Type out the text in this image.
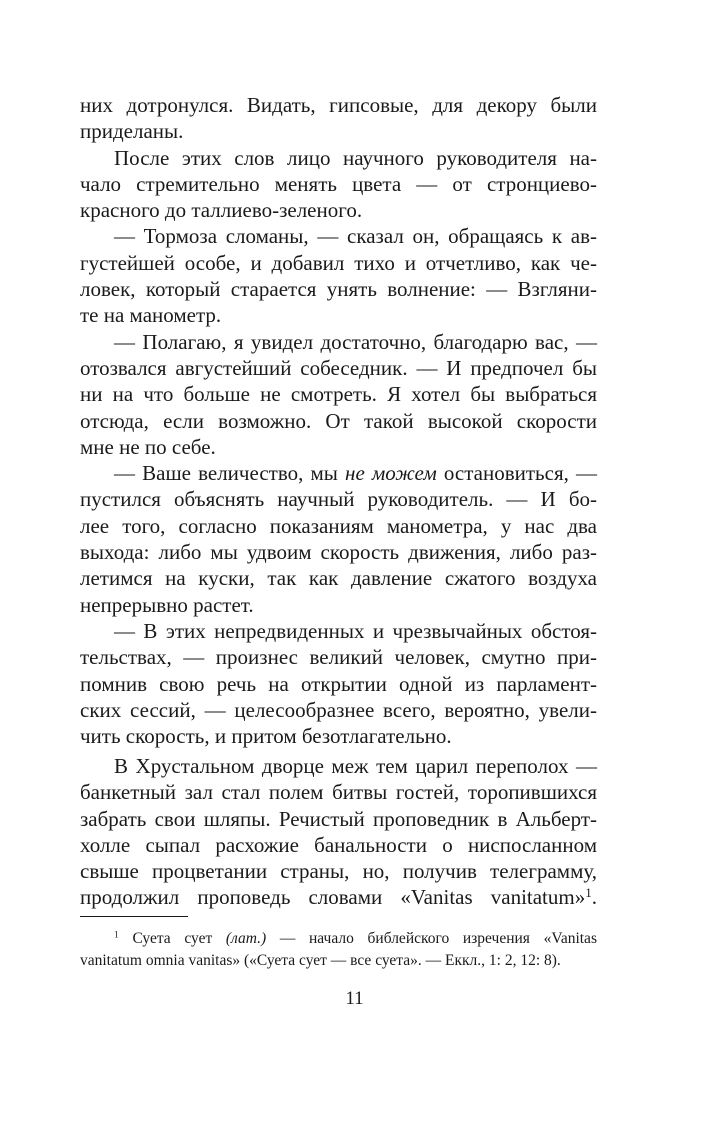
них дотронулся. Видать, гипсовые, для декору были
приделаны.
После этих слов лицо научного руководителя на-
чало стремительно менять цвета — от стронциево-
красного до таллиево-зеленого.
— Тормоза сломаны, — сказал он, обращаясь к ав-
густейшей особе, и добавил тихо и отчетливо, как че-
ловек, который старается унять волнение: — Взгляни-
те на манометр.
— Полагаю, я увидел достаточно, благодарю вас, —
отозвался августейший собеседник. — И предпочел бы
ни на что больше не смотреть. Я хотел бы выбраться
отсюда, если возможно. От такой высокой скорости
мне не по себе.
— Ваше величество, мы не можем остановиться, —
пустился объяснять научный руководитель. — И бо-
лее того, согласно показаниям манометра, у нас два
выхода: либо мы удвоим скорость движения, либо раз-
летимся на куски, так как давление сжатого воздуха
непрерывно растет.
— В этих непредвиденных и чрезвычайных обстоя-
тельствах, — произнес великий человек, смутно при-
помнив свою речь на открытии одной из парламент-
ских сессий, — целесообразнее всего, вероятно, увели-
чить скорость, и притом безотлагательно.
В Хрустальном дворце меж тем царил переполох —
банкетный зал стал полем битвы гостей, торопившихся
забрать свои шляпы. Речистый проповедник в Альберт-
холле сыпал расхожие банальности о ниспосланном
свыше процветании страны, но, получив телеграмму,
продолжил проповедь словами «Vanitas vanitatum»$^1$.
$^1$ Суета сует (лат.) — начало библейского изречения «Vanitas
vanitatum omnia vanitas» («Суета сует — все суета». — Еккл., 1: 2, 12: 8).
11
